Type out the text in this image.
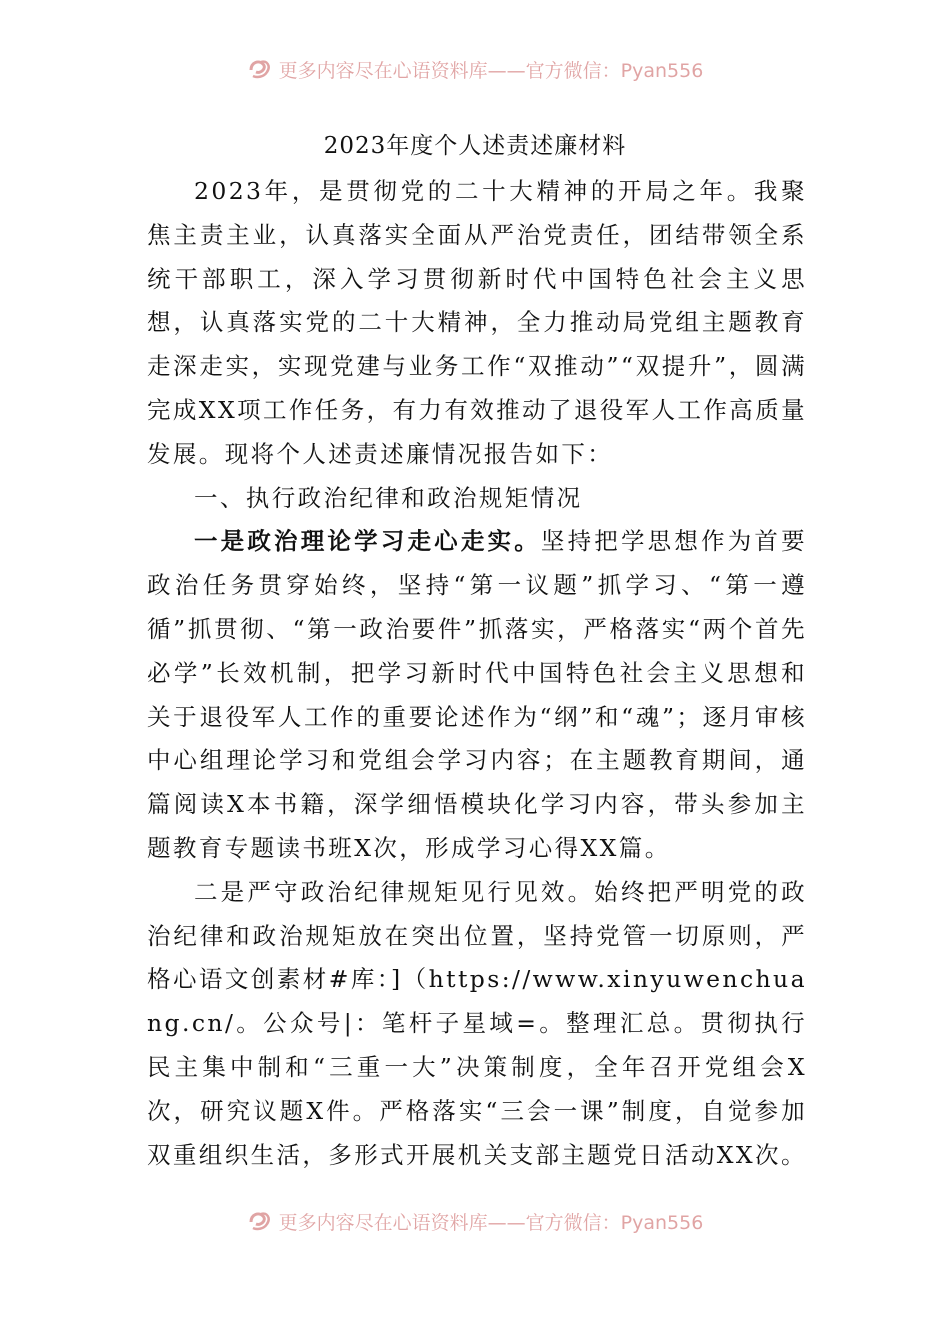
更多内容尽在心语资料库——官方微信：Pyan556
2023年度个人述责述廉材料

2023年，是贯彻党的二十大精神的开局之年。我聚焦主责主业，认真落实全面从严治党责任，团结带领全系统干部职工，深入学习贯彻新时代中国特色社会主义思想，认真落实党的二十大精神，全力推动局党组主题教育走深走实，实现党建与业务工作“双推动”“双提升”，圆满完成XX项工作任务，有力有效推动了退役军人工作高质量发展。现将个人述责述廉情况报告如下：

一、执行政治纪律和政治规矩情况

一是政治理论学习走心走实。坚持把学思想作为首要政治任务贯穿始终，坚持“第一议题”抓学习、“第一遵循”抓贯彻、“第一政治要件”抓落实，严格落实“两个首先必学”长效机制，把学习新时代中国特色社会主义思想和关于退役军人工作的重要论述作为“纲”和“魂”；逐月审核中心组理论学习和党组会学习内容；在主题教育期间，通篇阅读X本书籍，深学细悟模块化学习内容，带头参加主题教育专题读书班X次，形成学习心得XX篇。

二是严守政治纪律规矩见行见效。始终把严明党的政治纪律和政治规矩放在突出位置，坚持党管一切原则，严格心语文创素材#库：]（https://www.xinyuwenchuang.cn/。公众号|：笔杆子星域=。整理汇总。贯彻执行民主集中制和“三重一大”决策制度，全年召开党组会X次，研究议题X件。严格落实“三会一课”制度，自觉参加双重组织生活，多形式开展机关支部主题党日活动XX次。

更多内容尽在心语资料库——官方微信：Pyan556
